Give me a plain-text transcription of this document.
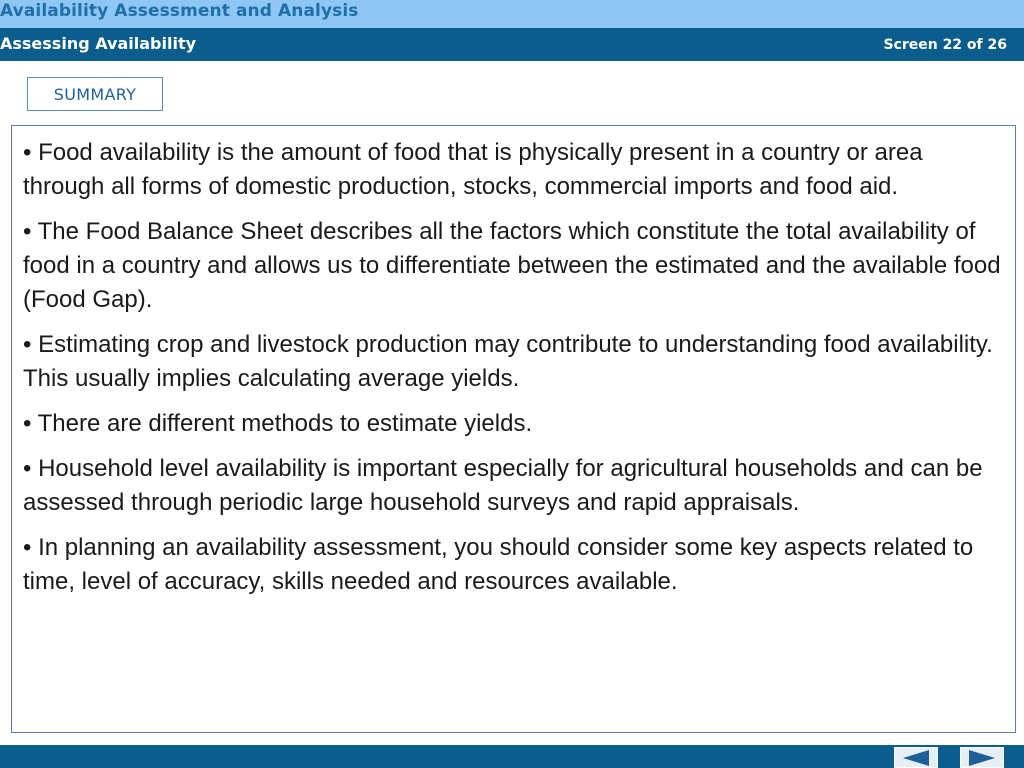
Availability Assessment and Analysis
Assessing Availability	Screen 22 of 26
SUMMARY

• Food availability is the amount of food that is physically present in a country or area through all forms of domestic production, stocks, commercial imports and food aid.

• The Food Balance Sheet describes all the factors which constitute the total availability of food in a country and allows us to differentiate between the estimated and the available food (Food Gap).

• Estimating crop and livestock production may contribute to understanding food availability. This usually implies calculating average yields.

• There are different methods to estimate yields.

• Household level availability is important especially for agricultural households and can be assessed through periodic large household surveys and rapid appraisals.

• In planning an availability assessment, you should consider some key aspects related to time, level of accuracy, skills needed and resources available.
